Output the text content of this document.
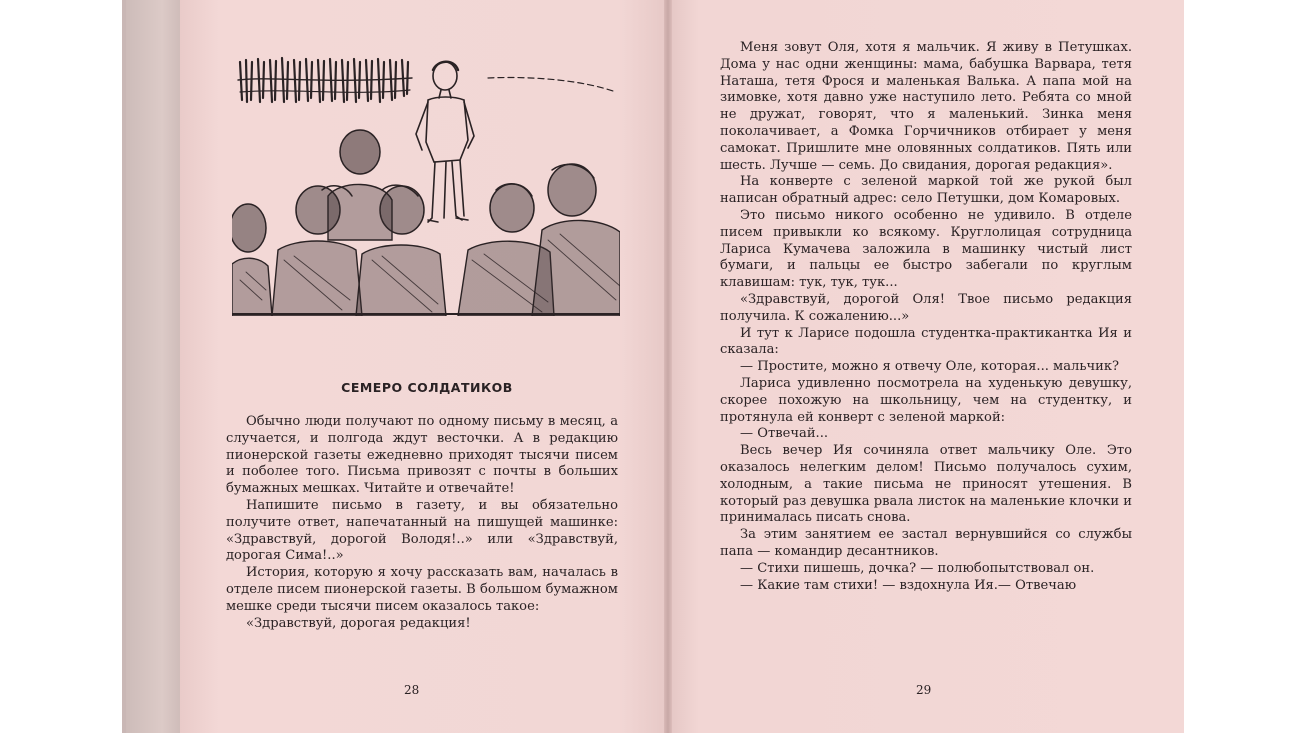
СЕМЕРО СОЛДАТИКОВ

Обычно люди получают по одному письму в месяц, а случается, и полгода ждут весточки. А в редакцию пионерской газеты ежедневно приходят тысячи писем и поболее того. Письма привозят с почты в больших бумажных мешках. Читайте и отвечайте!

Напишите письмо в газету, и вы обязательно получите ответ, напечатанный на пишущей машинке: «Здравствуй, дорогой Володя!..» или «Здравствуй, дорогая Сима!..»

История, которую я хочу рассказать вам, началась в отделе писем пионерской газеты. В большом бумажном мешке среди тысячи писем оказалось такое:

«Здравствуй, дорогая редакция!

28

Меня зовут Оля, хотя я мальчик. Я живу в Петушках. Дома у нас одни женщины: мама, бабушка Варвара, тетя Наташа, тетя Фрося и маленькая Валька. А папа мой на зимовке, хотя давно уже наступило лето. Ребята со мной не дружат, говорят, что я маленький. Зинка меня поколачивает, а Фомка Горчичников отбирает у меня самокат. Пришлите мне оловянных солдатиков. Пять или шесть. Лучше — семь. До свидания, дорогая редакция».

На конверте с зеленой маркой той же рукой был написан обратный адрес: село Петушки, дом Комаровых.

Это письмо никого особенно не удивило. В отделе писем привыкли ко всякому. Круглолицая сотрудница Лариса Кумачева заложила в машинку чистый лист бумаги, и пальцы ее быстро забегали по круглым клавишам: тук, тук, тук...

«Здравствуй, дорогой Оля! Твое письмо редакция получила. К сожалению...»

И тут к Ларисе подошла студентка-практикантка Ия и сказала:

— Простите, можно я отвечу Оле, которая... мальчик?

Лариса удивленно посмотрела на худенькую девушку, скорее похожую на школьницу, чем на студентку, и протянула ей конверт с зеленой маркой:

— Отвечай...

Весь вечер Ия сочиняла ответ мальчику Оле. Это оказалось нелегким делом! Письмо получалось сухим, холодным, а такие письма не приносят утешения. В который раз девушка рвала листок на маленькие клочки и принималась писать снова.

За этим занятием ее застал вернувшийся со службы папа — командир десантников.

— Стихи пишешь, дочка? — полюбопытствовал он.

— Какие там стихи! — вздохнула Ия.— Отвечаю

29
